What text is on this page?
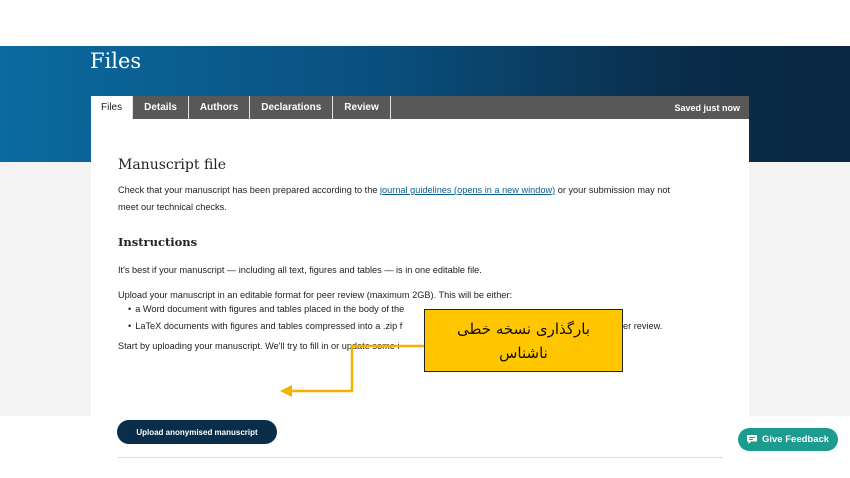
Files
Files	Details	Authors	Declarations	Review	Saved just now
Manuscript file
Check that your manuscript has been prepared according to the journal guidelines (opens in a new window) or your submission may not
meet our technical checks.
Instructions
It's best if your manuscript — including all text, figures and tables — is in one editable file.
Upload your manuscript in an editable format for peer review (maximum 2GB). This will be either:
• a Word document with figures and tables placed in the body of the
• LaTeX documents with figures and tables compressed into a .zip f	er review.
Start by uploading your manuscript. We'll try to fill in or update some i
Upload anonymised manuscript
Give Feedback
بارگذاری نسخه خطی ناشناس
